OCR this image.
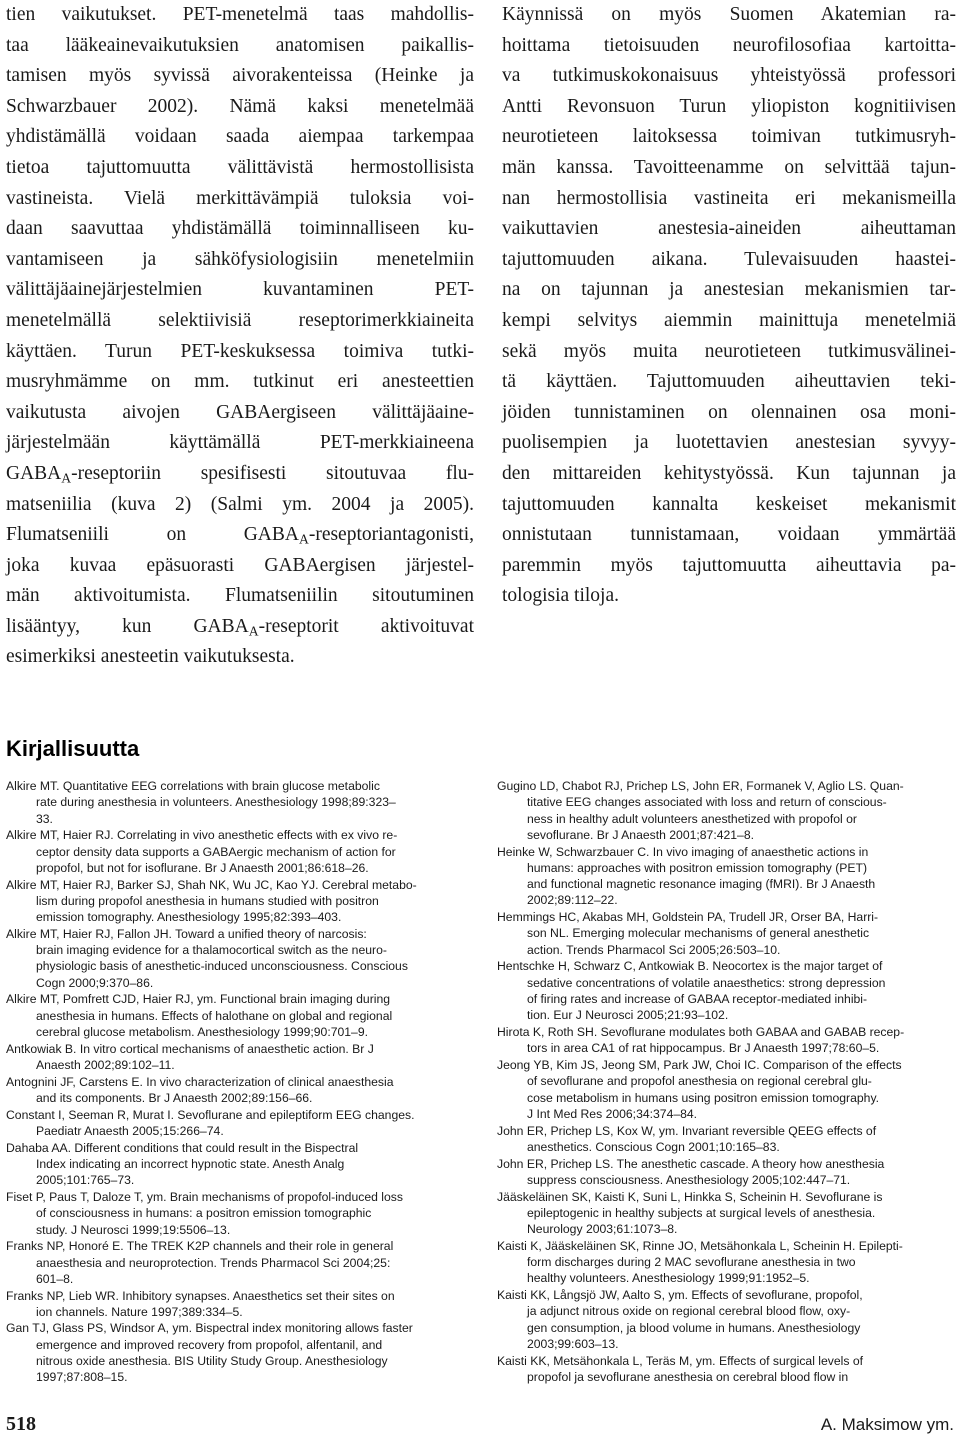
tien vaikutukset. PET-menetelmä taas mahdollis-
taa lääkeainevaikutuksien anatomisen paikallis-
tamisen myös syvissä aivorakenteissa (Heinke ja
Schwarzbauer 2002). Nämä kaksi menetelmää
yhdistämällä voidaan saada aiempaa tarkempaa
tietoa tajuttomuutta välittävistä hermostollisista
vastineista. Vielä merkittävämpiä tuloksia voi-
daan saavuttaa yhdistämällä toiminnalliseen ku-
vantamiseen ja sähköfysiologisiin menetelmiin
välittäjäainejärjestelmien kuvantaminen PET-
menetelmällä selektiivisiä reseptorimerkkiaineita
käyttäen. Turun PET-keskuksessa toimiva tutki-
musryhmämme on mm. tutkinut eri anesteettien
vaikutusta aivojen GABAergiseen välittäjäaine-
järjestelmään käyttämällä PET-merkkiaineena
$GABA_A$-reseptoriin spesifisesti sitoutuvaa flu-
matseniilia (kuva 2) (Salmi ym. 2004 ja 2005).
Flumatseniili on $GABA_A$-reseptoriantagonisti,
joka kuvaa epäsuorasti GABAergisen järjestel-
män aktivoitumista. Flumatseniilin sitoutuminen
lisääntyy, kun $GABA_A$-reseptorit aktivoituvat
esimerkiksi anesteetin vaikutuksesta.
Käynnissä on myös Suomen Akatemian ra-
hoittama tietoisuuden neurofilosofiaa kartoitta-
va tutkimuskokonaisuus yhteistyössä professori
Antti Revonsuon Turun yliopiston kognitiivisen
neurotieteen laitoksessa toimivan tutkimusryh-
män kanssa. Tavoitteenamme on selvittää tajun-
nan hermostollisia vastineita eri mekanismeilla
vaikuttavien anestesia-aineiden aiheuttaman
tajuttomuuden aikana. Tulevaisuuden haastei-
na on tajunnan ja anestesian mekanismien tar-
kempi selvitys aiemmin mainittuja menetelmiä
sekä myös muita neurotieteen tutkimusvälinei-
tä käyttäen. Tajuttomuuden aiheuttavien teki-
jöiden tunnistaminen on olennainen osa moni-
puolisempien ja luotettavien anestesian syvyy-
den mittareiden kehitystyössä. Kun tajunnan ja
tajuttomuuden kannalta keskeiset mekanismit
onnistutaan tunnistamaan, voidaan ymmärtää
paremmin myös tajuttomuutta aiheuttavia pa-
tologisia tiloja.
Kirjallisuutta
Alkire MT. Quantitative EEG correlations with brain glucose metabolic
rate during anesthesia in volunteers. Anesthesiology 1998;89:323–
33.
Alkire MT, Haier RJ. Correlating in vivo anesthetic effects with ex vivo re-
ceptor density data supports a GABAergic mechanism of action for
propofol, but not for isoflurane. Br J Anaesth 2001;86:618–26.
Alkire MT, Haier RJ, Barker SJ, Shah NK, Wu JC, Kao YJ. Cerebral metabo-
lism during propofol anesthesia in humans studied with positron
emission tomography. Anesthesiology 1995;82:393–403.
Alkire MT, Haier RJ, Fallon JH. Toward a unified theory of narcosis:
brain imaging evidence for a thalamocortical switch as the neuro-
physiologic basis of anesthetic-induced unconsciousness. Conscious
Cogn 2000;9:370–86.
Alkire MT, Pomfrett CJD, Haier RJ, ym. Functional brain imaging during
anesthesia in humans. Effects of halothane on global and regional
cerebral glucose metabolism. Anesthesiology 1999;90:701–9.
Antkowiak B. In vitro cortical mechanisms of anaesthetic action. Br J
Anaesth 2002;89:102–11.
Antognini JF, Carstens E. In vivo characterization of clinical anaesthesia
and its components. Br J Anaesth 2002;89:156–66.
Constant I, Seeman R, Murat I. Sevoflurane and epileptiform EEG changes.
Paediatr Anaesth 2005;15:266–74.
Dahaba AA. Different conditions that could result in the Bispectral
Index indicating an incorrect hypnotic state. Anesth Analg
2005;101:765–73.
Fiset P, Paus T, Daloze T, ym. Brain mechanisms of propofol-induced loss
of consciousness in humans: a positron emission tomographic
study. J Neurosci 1999;19:5506–13.
Franks NP, Honoré E. The TREK K2P channels and their role in general
anaesthesia and neuroprotection. Trends Pharmacol Sci 2004;25:
601–8.
Franks NP, Lieb WR. Inhibitory synapses. Anaesthetics set their sites on
ion channels. Nature 1997;389:334–5.
Gan TJ, Glass PS, Windsor A, ym. Bispectral index monitoring allows faster
emergence and improved recovery from propofol, alfentanil, and
nitrous oxide anesthesia. BIS Utility Study Group. Anesthesiology
1997;87:808–15.
Gugino LD, Chabot RJ, Prichep LS, John ER, Formanek V, Aglio LS. Quan-
titative EEG changes associated with loss and return of conscious-
ness in healthy adult volunteers anesthetized with propofol or
sevoflurane. Br J Anaesth 2001;87:421–8.
Heinke W, Schwarzbauer C. In vivo imaging of anaesthetic actions in
humans: approaches with positron emission tomography (PET)
and functional magnetic resonance imaging (fMRI). Br J Anaesth
2002;89:112–22.
Hemmings HC, Akabas MH, Goldstein PA, Trudell JR, Orser BA, Harri-
son NL. Emerging molecular mechanisms of general anesthetic
action. Trends Pharmacol Sci 2005;26:503–10.
Hentschke H, Schwarz C, Antkowiak B. Neocortex is the major target of
sedative concentrations of volatile anaesthetics: strong depression
of firing rates and increase of GABAA receptor-mediated inhibi-
tion. Eur J Neurosci 2005;21:93–102.
Hirota K, Roth SH. Sevoflurane modulates both GABAA and GABAB recep-
tors in area CA1 of rat hippocampus. Br J Anaesth 1997;78:60–5.
Jeong YB, Kim JS, Jeong SM, Park JW, Choi IC. Comparison of the effects
of sevoflurane and propofol anesthesia on regional cerebral glu-
cose metabolism in humans using positron emission tomography.
J Int Med Res 2006;34:374–84.
John ER, Prichep LS, Kox W, ym. Invariant reversible QEEG effects of
anesthetics. Conscious Cogn 2001;10:165–83.
John ER, Prichep LS. The anesthetic cascade. A theory how anesthesia
suppress consciousness. Anesthesiology 2005;102:447–71.
Jääskeläinen SK, Kaisti K, Suni L, Hinkka S, Scheinin H. Sevoflurane is
epileptogenic in healthy subjects at surgical levels of anesthesia.
Neurology 2003;61:1073–8.
Kaisti K, Jääskeläinen SK, Rinne JO, Metsähonkala L, Scheinin H. Epilepti-
form discharges during 2 MAC sevoflurane anesthesia in two
healthy volunteers. Anesthesiology 1999;91:1952–5.
Kaisti KK, Långsjö JW, Aalto S, ym. Effects of sevoflurane, propofol,
ja adjunct nitrous oxide on regional cerebral blood flow, oxy-
gen consumption, ja blood volume in humans. Anesthesiology
2003;99:603–13.
Kaisti KK, Metsähonkala L, Teräs M, ym. Effects of surgical levels of
propofol ja sevoflurane anesthesia on cerebral blood flow in
518	A. Maksimow ym.
